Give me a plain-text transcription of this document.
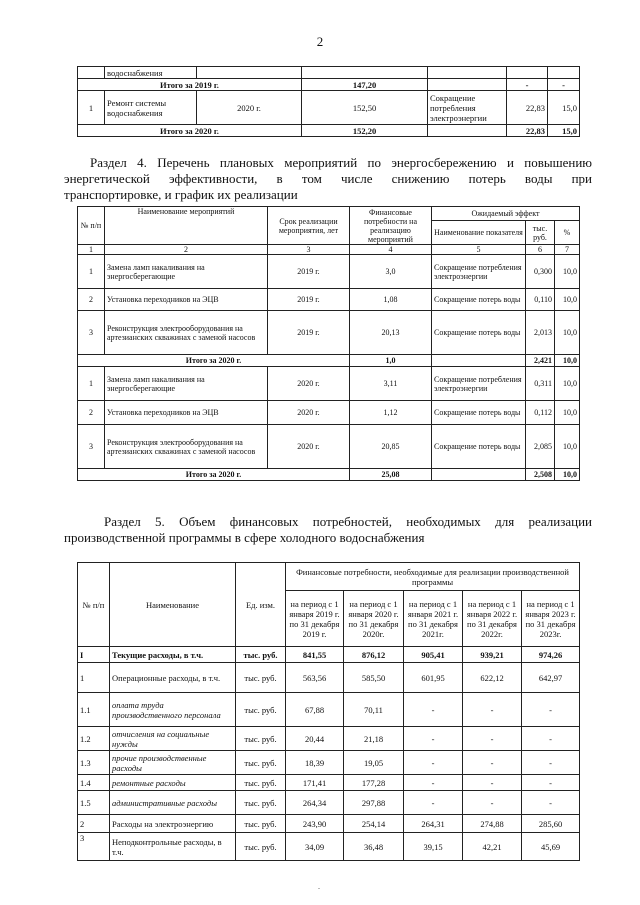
2
	водоснабжения					
Итого за 2019 г.			147,20		-	-
1	Ремонт системы водоснабжения	2020 г.	152,50	Сокращение потребления электроэнергии	22,83	15,0
Итого за 2020 г.			152,20		22,83	15,0
Раздел 4. Перечень плановых мероприятий по энергосбережению и повышению
энергетической эффективности, в том числе снижению потерь воды при
транспортировке, и график их реализации
№ п/п	Наименование мероприятий	Срок реализации мероприятия, лет	Финансовые потребности на реализацию мероприятий	Ожидаемый эффект		
				Наименование показателя	тыс. руб.	%
1	2	3	4	5	6	7
1	Замена ламп накаливания на энергосберегающие	2019 г.	3,0	Сокращение потребления электроэнергии	0,300	10,0
2	Установка переходников на ЭЦВ	2019 г.	1,08	Сокращение потерь воды	0,110	10,0
3	Реконструкция электрооборудования на артезианских скважинах с заменой насосов	2019 г.	20,13	Сокращение потерь воды	2,013	10,0
Итого за 2020 г.			1,0		2,421	10,0
1	Замена ламп накаливания на энергосберегающие	2020 г.	3,11	Сокращение потребления электроэнергии	0,311	10,0
2	Установка переходников на ЭЦВ	2020 г.	1,12	Сокращение потерь воды	0,112	10,0
3	Реконструкция электрооборудования на артезианских скважинах с заменой насосов	2020 г.	20,85	Сокращение потерь воды	2,085	10,0
Итого за 2020 г.			25,08		2,508	10,0
Раздел 5. Объем финансовых потребностей, необходимых для реализации
производственной программы в сфере холодного водоснабжения
№ п/п	Наименование	Ед. изм.	Финансовые потребности, необходимые для реализации производственной программы				
			на период с 1 января 2019 г. по 31 декабря 2019 г.	на период с 1 января 2020 г. по 31 декабря 2020г.	на период с 1 января 2021 г. по 31 декабря 2021г.	на период с 1 января 2022 г. по 31 декабря 2022г.	на период с 1 января 2023 г. по 31 декабря 2023г.
I	Текущие расходы, в т.ч.	тыс. руб.	841,55	876,12	905,41	939,21	974,26
1	Операционные расходы, в т.ч.	тыс. руб.	563,56	585,50	601,95	622,12	642,97
1.1	оплата труда производственного персонала	тыс. руб.	67,88	70,11	-	-	-
1.2	отчисления на социальные нужды	тыс. руб.	20,44	21,18	-	-	-
1.3	прочие производственные расходы	тыс. руб.	18,39	19,05	-	-	-
1.4	ремонтные расходы	тыс. руб.	171,41	177,28	-	-	-
1.5	административные расходы	тыс. руб.	264,34	297,88	-	-	-
2	Расходы на электроэнергию	тыс. руб.	243,90	254,14	264,31	274,88	285,60
3	Неподконтрольные расходы, в т.ч.	тыс. руб.	34,09	36,48	39,15	42,21	45,69
